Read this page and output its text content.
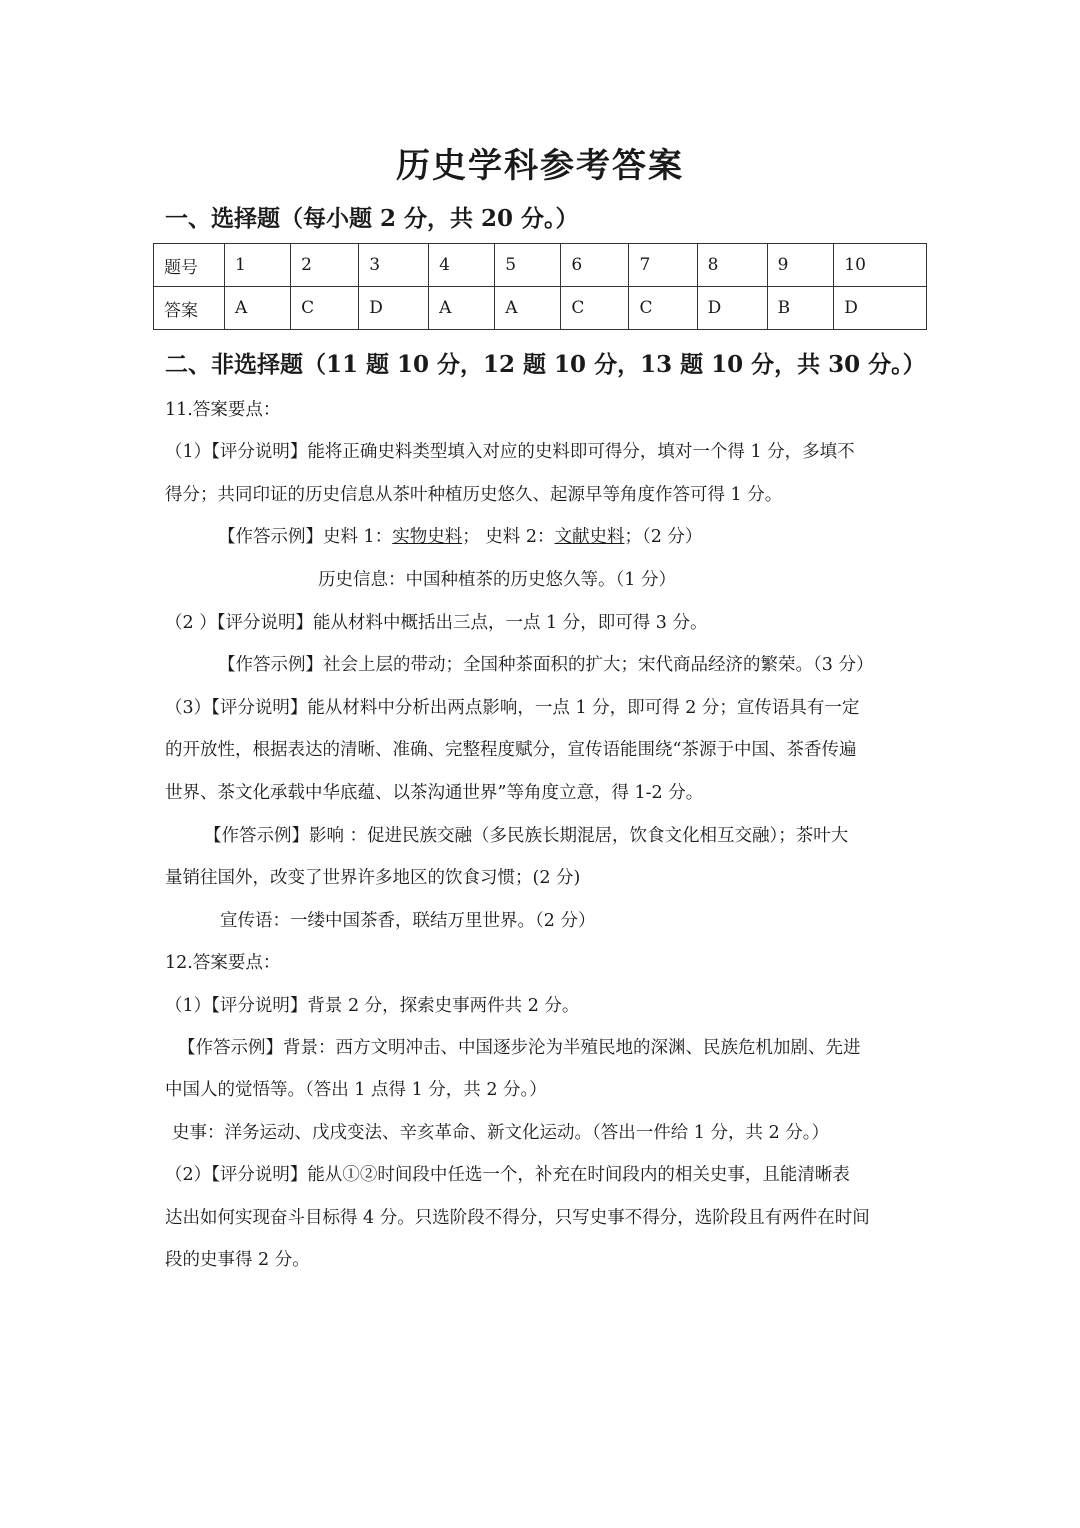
历史学科参考答案
一、选择题（每小题 2 分，共 20 分。）
题号	1	2	3	4	5	6	7	8	9	10
答案	A	C	D	A	A	C	C	D	B	D
二、非选择题（11 题 10 分，12 题 10 分，13 题 10 分，共 30 分。）
11.答案要点：
（1）【评分说明】能将正确史料类型填入对应的史料即可得分，填对一个得 1 分，多填不
得分；共同印证的历史信息从茶叶种植历史悠久、起源早等角度作答可得 1 分。
【作答示例】史料 1：实物史料； 史料 2：文献史料；（2 分）
历史信息：中国种植茶的历史悠久等。（1 分）
（2 ）【评分说明】能从材料中概括出三点，一点 1 分，即可得 3 分。
【作答示例】社会上层的带动；全国种茶面积的扩大；宋代商品经济的繁荣。（3 分）
（3）【评分说明】能从材料中分析出两点影响，一点 1 分，即可得 2 分；宣传语具有一定
的开放性，根据表达的清晰、准确、完整程度赋分，宣传语能围绕“茶源于中国、茶香传遍
世界、茶文化承载中华底蕴、以茶沟通世界”等角度立意，得 1-2 分。
【作答示例】影响 ：促进民族交融（多民族长期混居，饮食文化相互交融）；茶叶大
量销往国外，改变了世界许多地区的饮食习惯；(2 分)
宣传语：一缕中国茶香，联结万里世界。（2 分）
12.答案要点：
（1）【评分说明】背景 2 分，探索史事两件共 2 分。
【作答示例】背景：西方文明冲击、中国逐步沦为半殖民地的深渊、民族危机加剧、先进
中国人的觉悟等。（答出 1 点得 1 分，共 2 分。）
史事：洋务运动、戊戌变法、辛亥革命、新文化运动。（答出一件给 1 分，共 2 分。）
（2）【评分说明】能从①②时间段中任选一个，补充在时间段内的相关史事，且能清晰表
达出如何实现奋斗目标得 4 分。只选阶段不得分，只写史事不得分，选阶段且有两件在时间
段的史事得 2 分。
